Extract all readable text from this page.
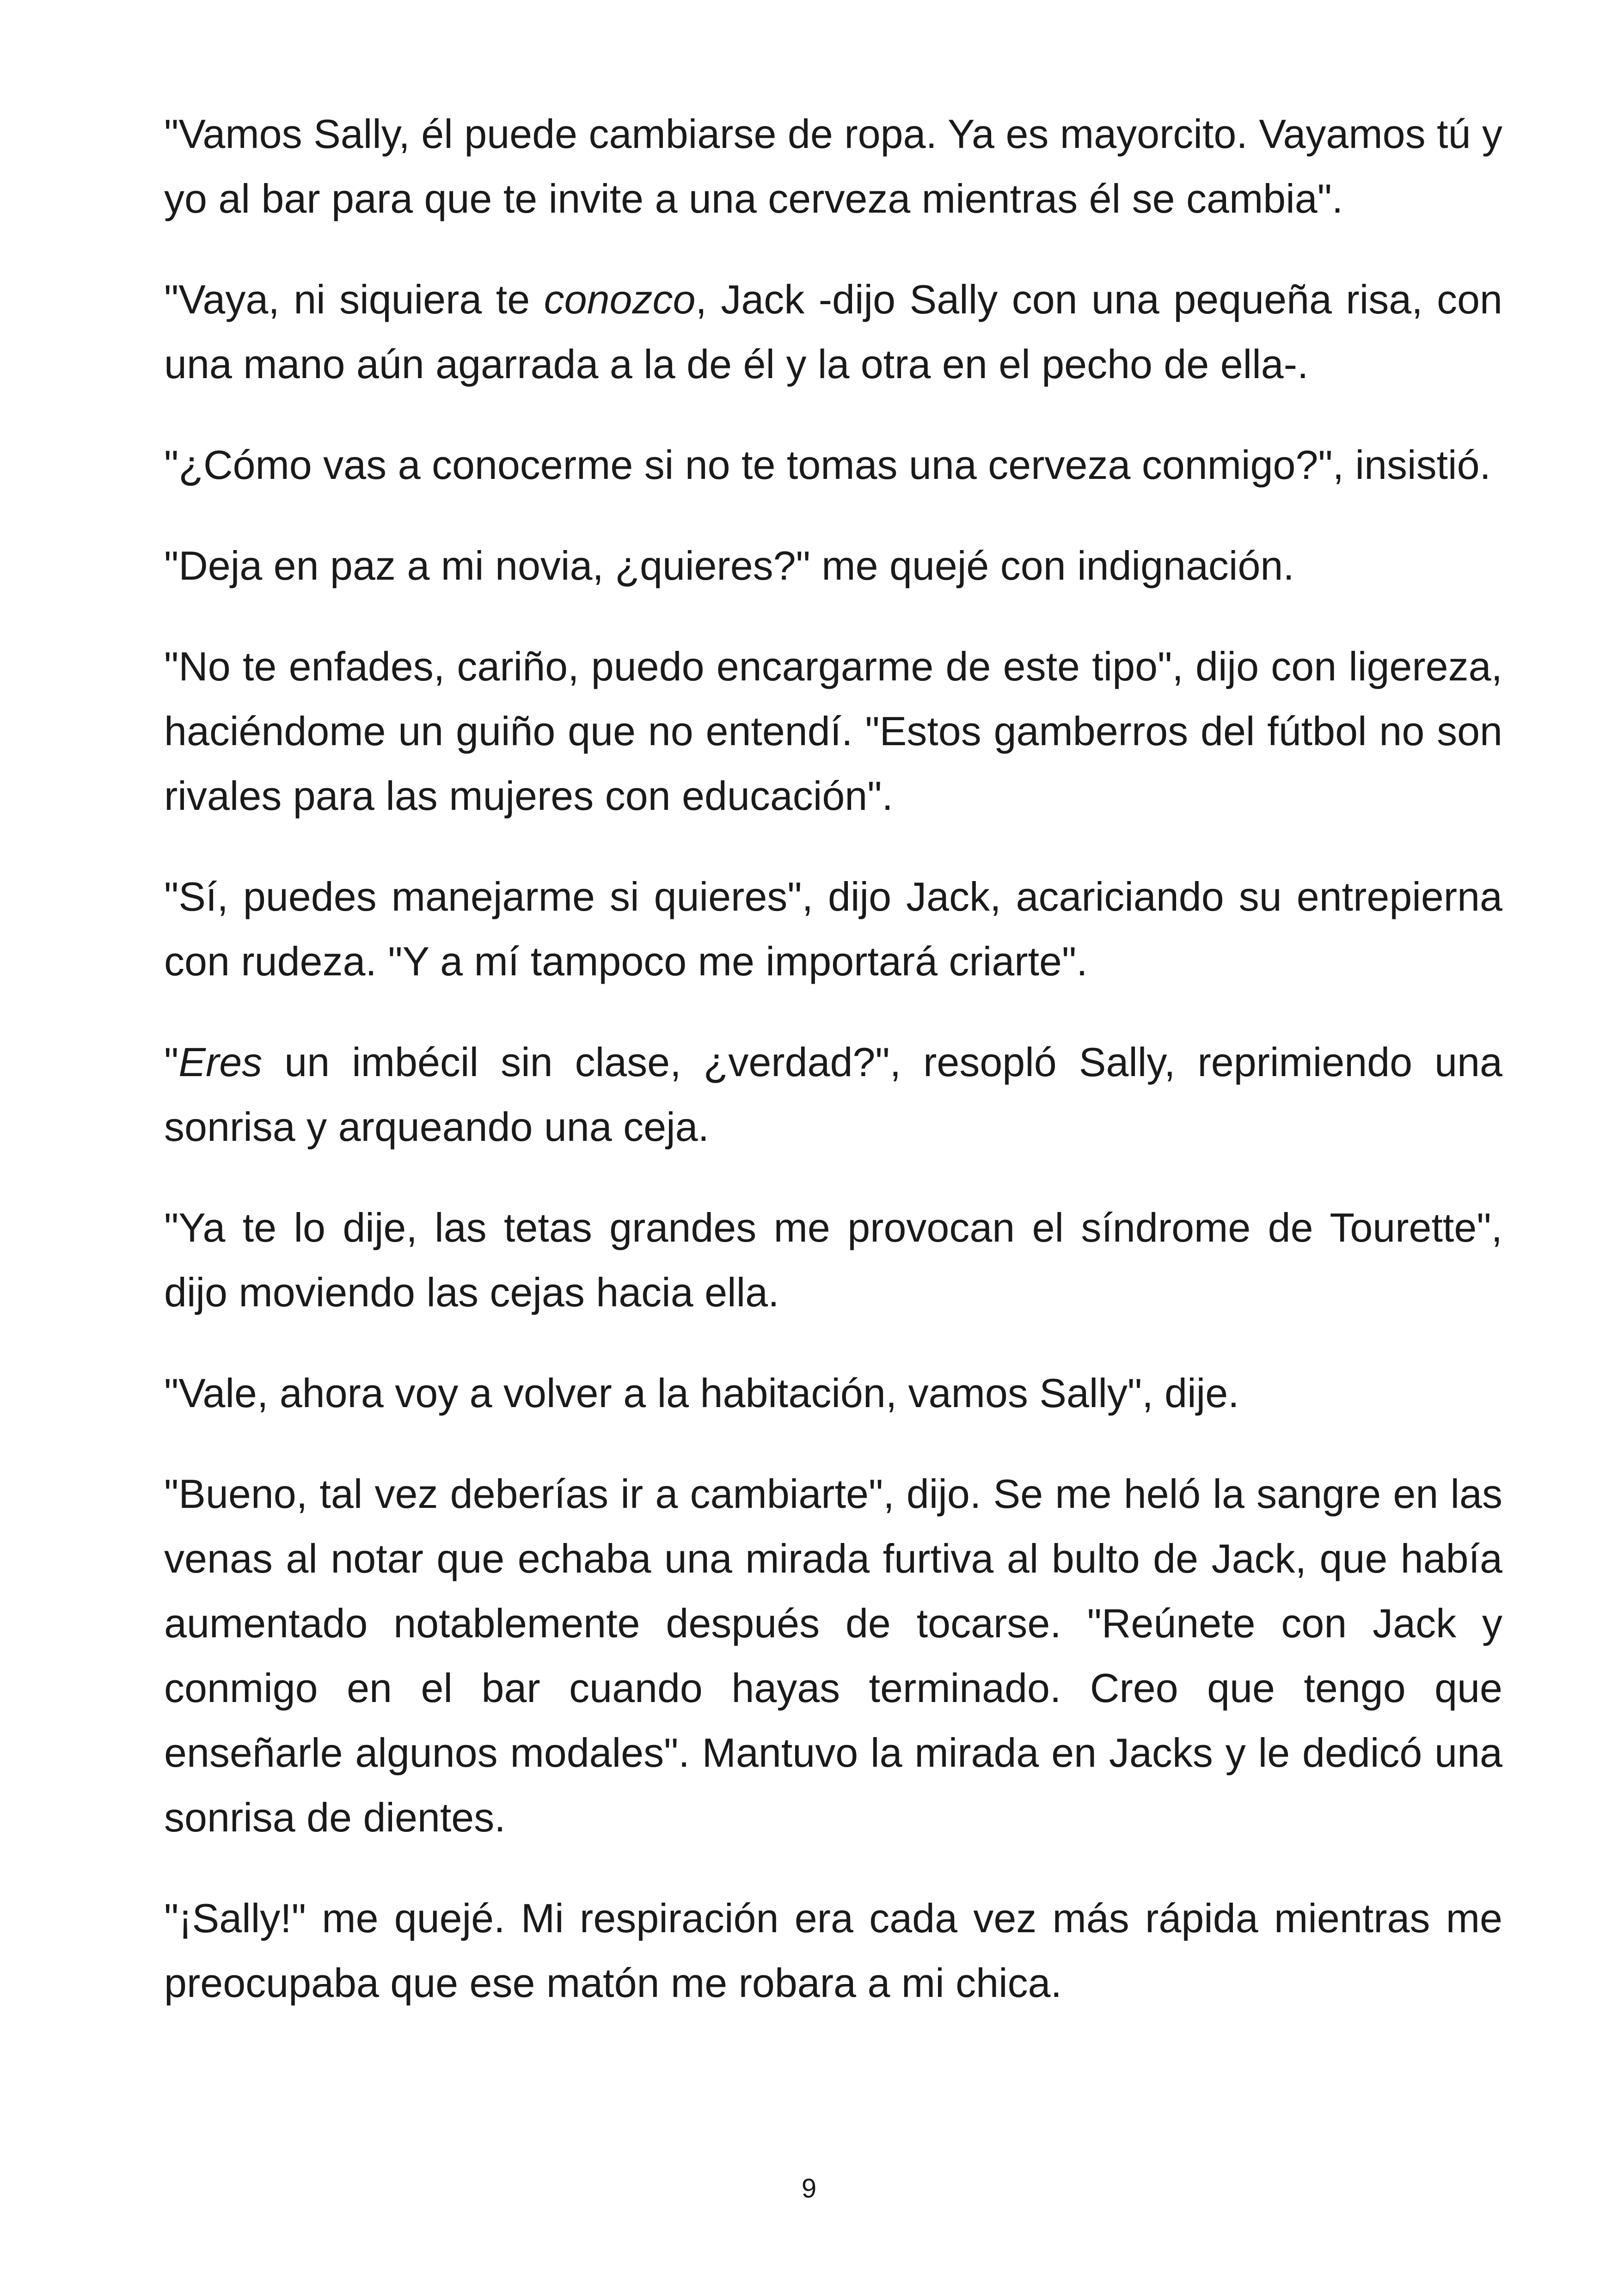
"Vamos Sally, él puede cambiarse de ropa. Ya es mayorcito. Vayamos tú y yo al bar para que te invite a una cerveza mientras él se cambia".

"Vaya, ni siquiera te conozco, Jack -dijo Sally con una pequeña risa, con una mano aún agarrada a la de él y la otra en el pecho de ella-.

"¿Cómo vas a conocerme si no te tomas una cerveza conmigo?", insistió.

"Deja en paz a mi novia, ¿quieres?" me quejé con indignación.

"No te enfades, cariño, puedo encargarme de este tipo", dijo con ligereza, haciéndome un guiño que no entendí. "Estos gamberros del fútbol no son rivales para las mujeres con educación".

"Sí, puedes manejarme si quieres", dijo Jack, acariciando su entrepierna con rudeza. "Y a mí tampoco me importará criarte".

"Eres un imbécil sin clase, ¿verdad?", resopló Sally, reprimiendo una sonrisa y arqueando una ceja.

"Ya te lo dije, las tetas grandes me provocan el síndrome de Tourette", dijo moviendo las cejas hacia ella.

"Vale, ahora voy a volver a la habitación, vamos Sally", dije.

"Bueno, tal vez deberías ir a cambiarte", dijo. Se me heló la sangre en las venas al notar que echaba una mirada furtiva al bulto de Jack, que había aumentado notablemente después de tocarse. "Reúnete con Jack y conmigo en el bar cuando hayas terminado. Creo que tengo que enseñarle algunos modales". Mantuvo la mirada en Jacks y le dedicó una sonrisa de dientes.

"¡Sally!" me quejé. Mi respiración era cada vez más rápida mientras me preocupaba que ese matón me robara a mi chica.

9
